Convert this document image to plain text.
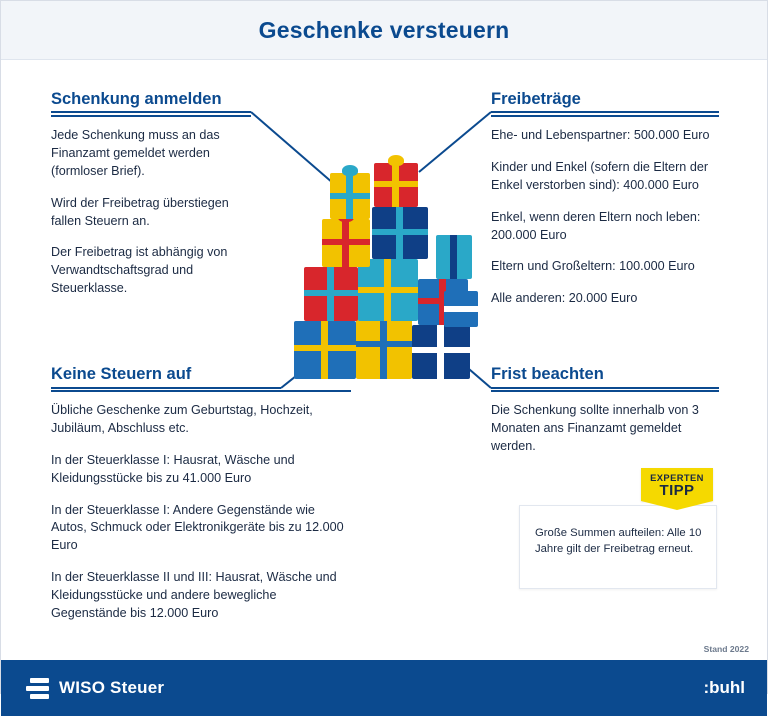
Geschenke versteuern
Schenkung anmelden

Jede Schenkung muss an das Finanzamt gemeldet werden (formloser Brief).

Wird der Freibetrag überstiegen fallen Steuern an.

Der Freibetrag ist abhängig von Verwandtschaftsgrad und Steuerklasse.

Freibeträge

Ehe- und Lebenspartner: 500.000 Euro

Kinder und Enkel (sofern die Eltern der Enkel verstorben sind): 400.000 Euro

Enkel, wenn deren Eltern noch leben: 200.000 Euro

Eltern und Großeltern: 100.000 Euro

Alle anderen: 20.000 Euro

Keine Steuern auf

Übliche Geschenke zum Geburtstag, Hochzeit, Jubiläum, Abschluss etc.

In der Steuerklasse I: Hausrat, Wäsche und Kleidungsstücke bis zu 41.000 Euro

In der Steuerklasse I: Andere Gegenstände wie Autos, Schmuck oder Elektronikgeräte bis zu 12.000 Euro

In der Steuerklasse II und III: Hausrat, Wäsche und Kleidungsstücke und andere bewegliche Gegenstände bis 12.000 Euro

Frist beachten

Die Schenkung sollte innerhalb von 3 Monaten ans Finanzamt gemeldet werden.

Große Summen aufteilen: Alle 10 Jahre gilt der Freibetrag erneut.
EXPERTEN
TIPP
Stand 2022
WISO Steuer	:buhl
